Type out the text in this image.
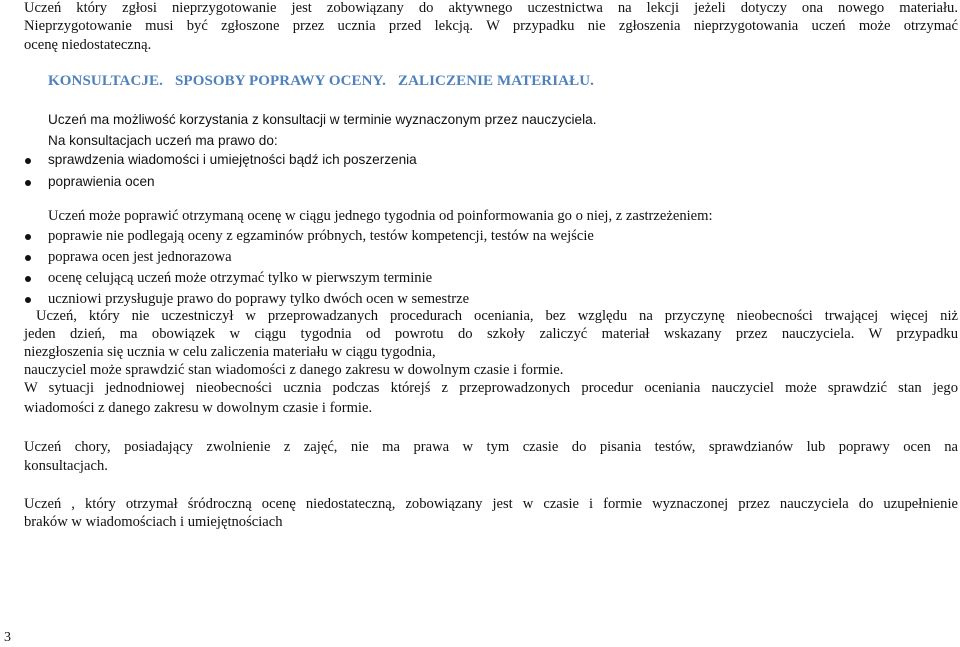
Uczeń który zgłosi nieprzygotowanie jest zobowiązany do aktywnego uczestnictwa na lekcji jeżeli dotyczy ona nowego materiału.
Nieprzygotowanie musi być zgłoszone przez ucznia przed lekcją. W przypadku nie zgłoszenia nieprzygotowania uczeń może otrzymać
ocenę niedostateczną.
KONSULTACJE. SPOSOBY POPRAWY OCENY. ZALICZENIE MATERIAŁU.
Uczeń ma możliwość korzystania z konsultacji w terminie wyznaczonym przez nauczyciela.
Na konsultacjach uczeń ma prawo do:
sprawdzenia wiadomości i umiejętności bądź ich poszerzenia
poprawienia ocen
Uczeń może poprawić otrzymaną ocenę w ciągu jednego tygodnia od poinformowania go o niej, z zastrzeżeniem:
poprawie nie podlegają oceny z egzaminów próbnych, testów kompetencji, testów na wejście
poprawa ocen jest jednorazowa
ocenę celującą uczeń może otrzymać tylko w pierwszym terminie
uczniowi przysługuje prawo do poprawy tylko dwóch ocen w semestrze
Uczeń, który nie uczestniczył w przeprowadzanych procedurach oceniania, bez względu na przyczynę nieobecności trwającej więcej niż
jeden dzień, ma obowiązek w ciągu tygodnia od powrotu do szkoły zaliczyć materiał wskazany przez nauczyciela. W przypadku
niezgłoszenia się ucznia w celu zaliczenia materiału w ciągu tygodnia,
nauczyciel może sprawdzić stan wiadomości z danego zakresu w dowolnym czasie i formie.
W sytuacji jednodniowej nieobecności ucznia podczas którejś z przeprowadzonych procedur oceniania nauczyciel może sprawdzić stan jego
wiadomości z danego zakresu w dowolnym czasie i formie.
Uczeń chory, posiadający zwolnienie z zajęć, nie ma prawa w tym czasie do pisania testów, sprawdzianów lub poprawy ocen na
konsultacjach.
Uczeń , który otrzymał śródroczną ocenę niedostateczną, zobowiązany jest w czasie i formie wyznaczonej przez nauczyciela do uzupełnienie
braków w wiadomościach i umiejętnościach
3
